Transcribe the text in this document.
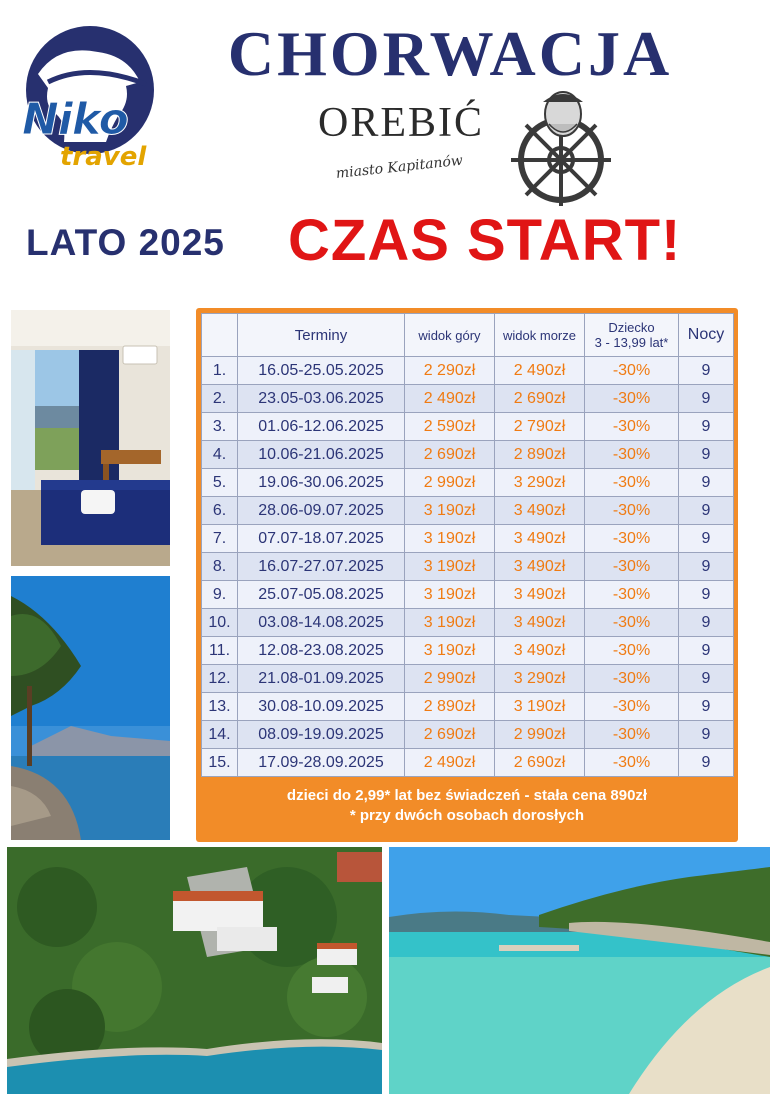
Niko
travel
CHORWACJA
OREBIĆ
miasto Kapitanów
LATO 2025 CZAS START!
	Terminy	widok góry	widok morze	Dziecko
3 - 13,99 lat*	Nocy
1.	16.05-25.05.2025	2 290zł	2 490zł	-30%	9
2.	23.05-03.06.2025	2 490zł	2 690zł	-30%	9
3.	01.06-12.06.2025	2 590zł	2 790zł	-30%	9
4.	10.06-21.06.2025	2 690zł	2 890zł	-30%	9
5.	19.06-30.06.2025	2 990zł	3 290zł	-30%	9
6.	28.06-09.07.2025	3 190zł	3 490zł	-30%	9
7.	07.07-18.07.2025	3 190zł	3 490zł	-30%	9
8.	16.07-27.07.2025	3 190zł	3 490zł	-30%	9
9.	25.07-05.08.2025	3 190zł	3 490zł	-30%	9
10.	03.08-14.08.2025	3 190zł	3 490zł	-30%	9
11.	12.08-23.08.2025	3 190zł	3 490zł	-30%	9
12.	21.08-01.09.2025	2 990zł	3 290zł	-30%	9
13.	30.08-10.09.2025	2 890zł	3 190zł	-30%	9
14.	08.09-19.09.2025	2 690zł	2 990zł	-30%	9
15.	17.09-28.09.2025	2 490zł	2 690zł	-30%	9
dzieci do 2,99* lat bez świadczeń - stała cena 890zł
* przy dwóch osobach dorosłych
